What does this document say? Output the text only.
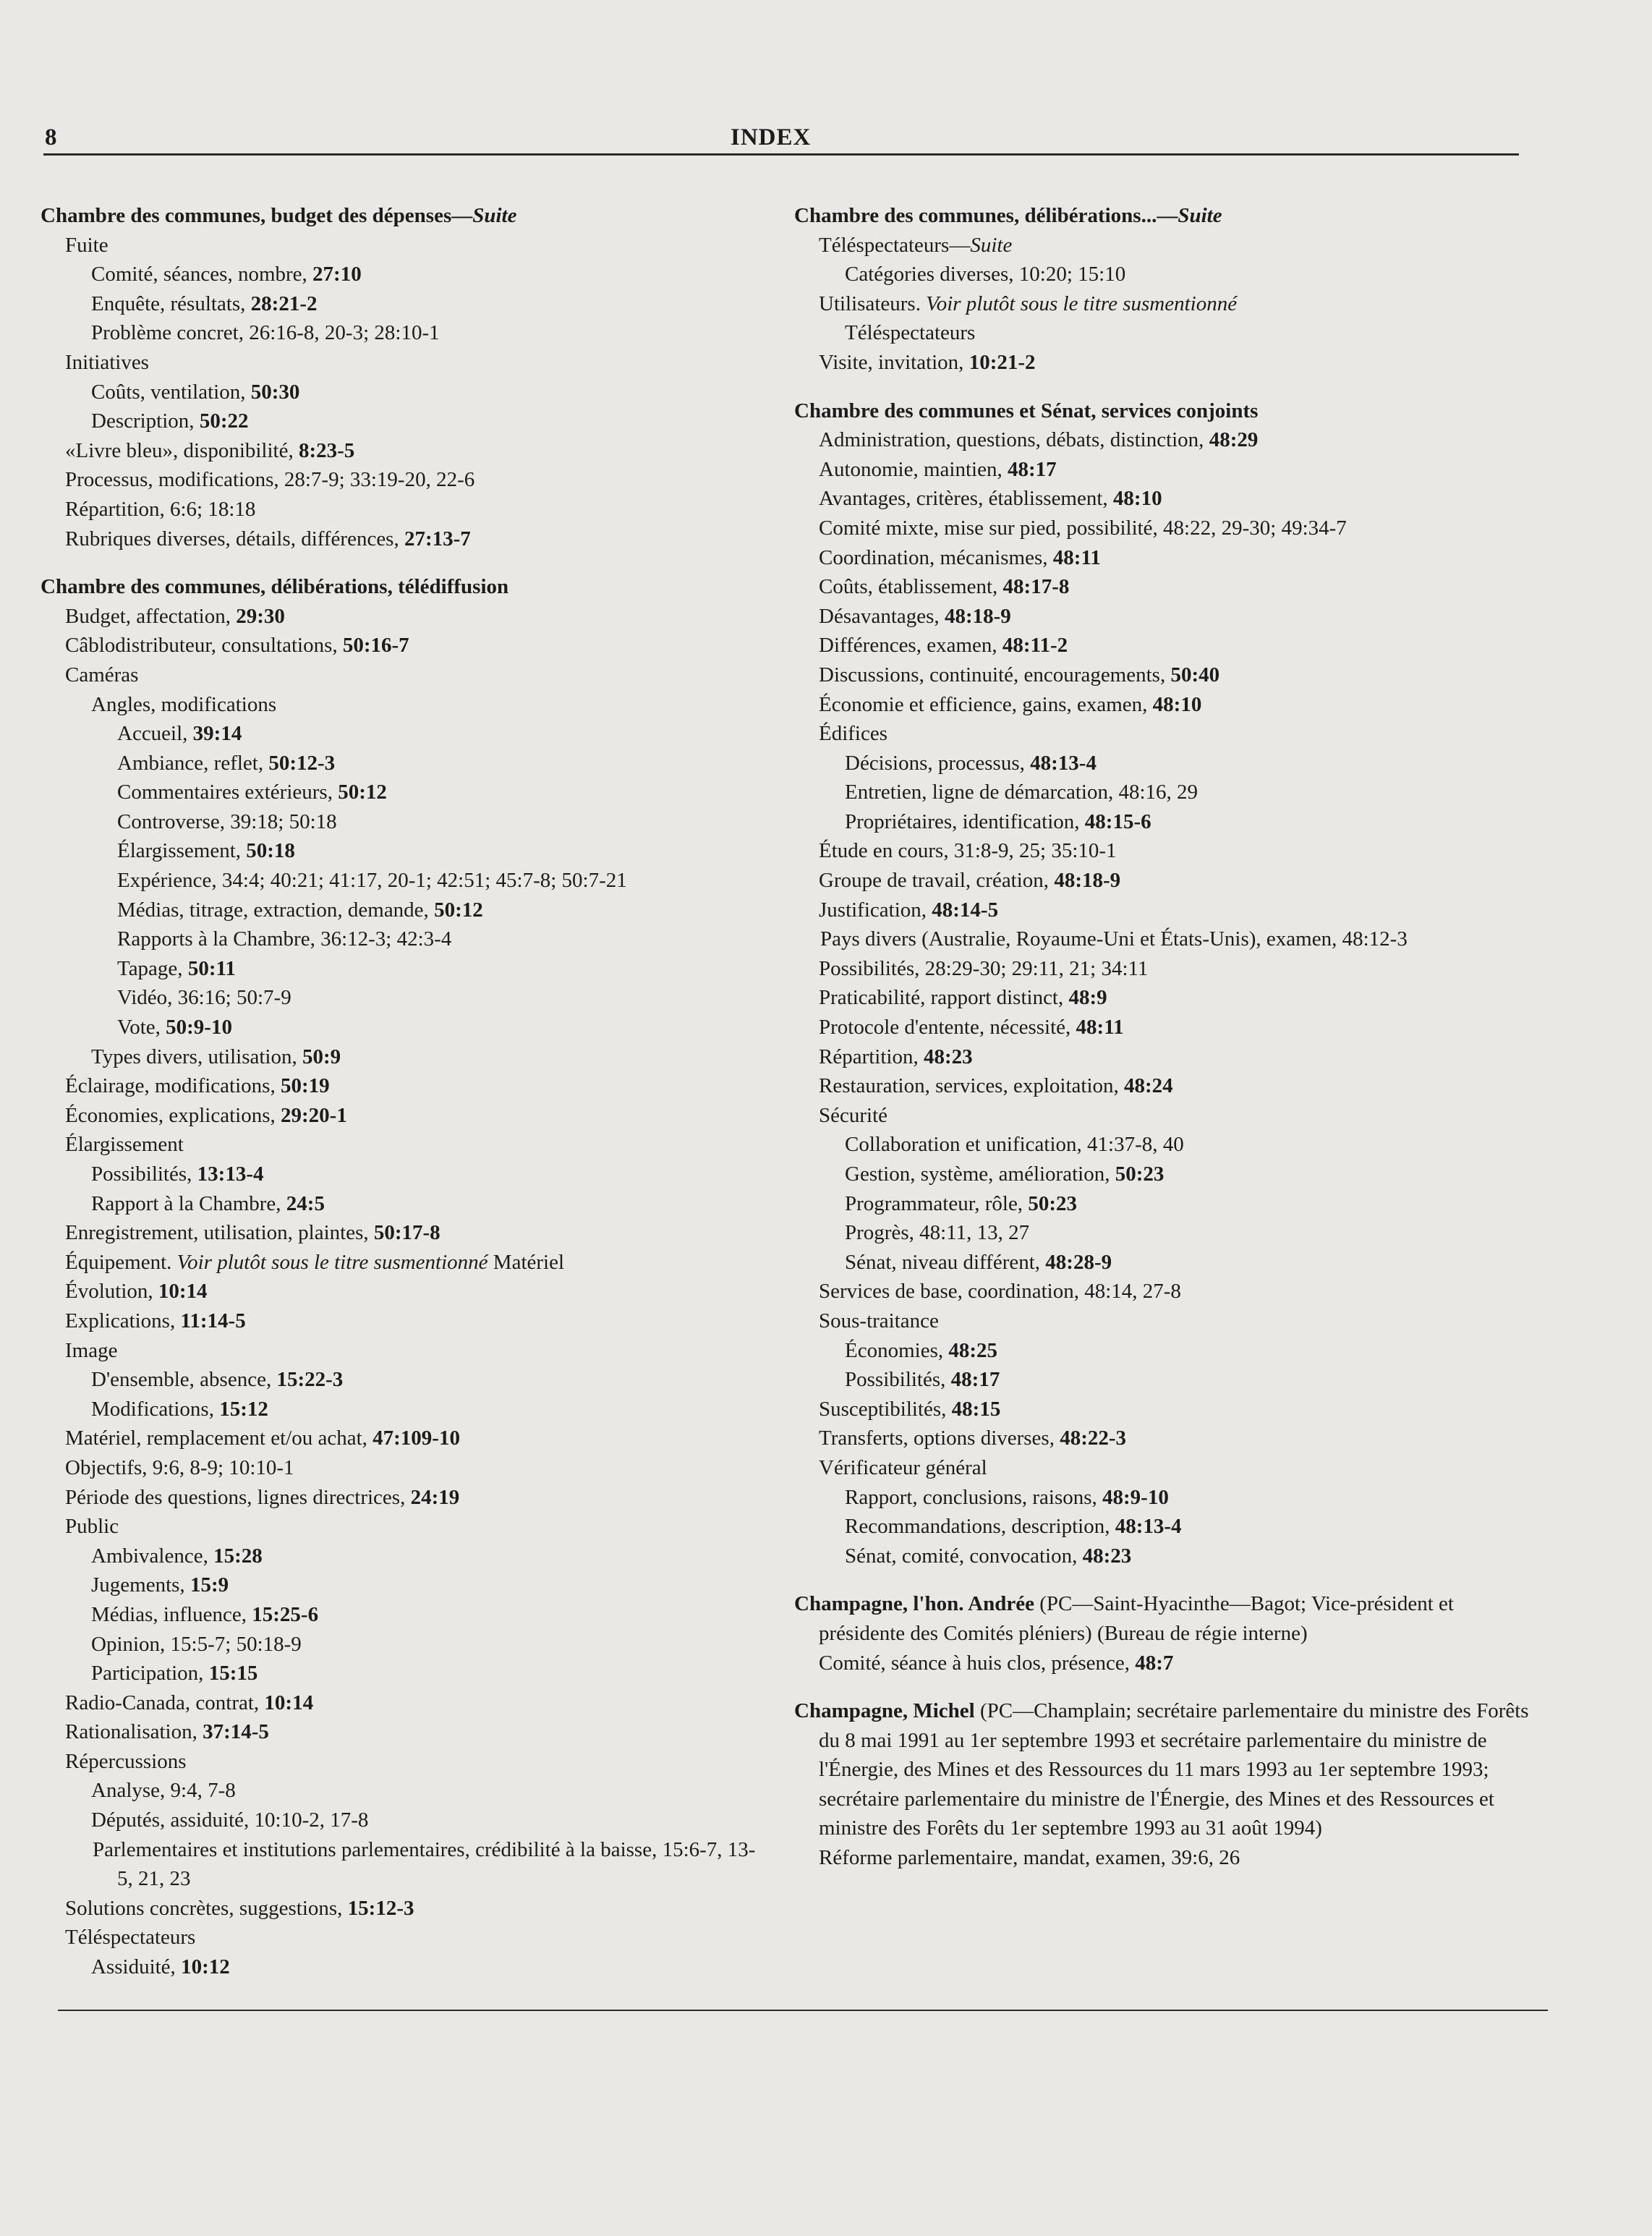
8	INDEX
Chambre des communes, budget des dépenses—Suite
Fuite
Comité, séances, nombre, 27:10
Enquête, résultats, 28:21-2
Problème concret, 26:16-8, 20-3; 28:10-1
Initiatives
Coûts, ventilation, 50:30
Description, 50:22
«Livre bleu», disponibilité, 8:23-5
Processus, modifications, 28:7-9; 33:19-20, 22-6
Répartition, 6:6; 18:18
Rubriques diverses, détails, différences, 27:13-7
Chambre des communes, délibérations, télédiffusion
Budget, affectation, 29:30
Câblodistributeur, consultations, 50:16-7
Caméras
Angles, modifications
Accueil, 39:14
Ambiance, reflet, 50:12-3
Commentaires extérieurs, 50:12
Controverse, 39:18; 50:18
Élargissement, 50:18
Expérience, 34:4; 40:21; 41:17, 20-1; 42:51; 45:7-8; 50:7-21
Médias, titrage, extraction, demande, 50:12
Rapports à la Chambre, 36:12-3; 42:3-4
Tapage, 50:11
Vidéo, 36:16; 50:7-9
Vote, 50:9-10
Types divers, utilisation, 50:9
Éclairage, modifications, 50:19
Économies, explications, 29:20-1
Élargissement
Possibilités, 13:13-4
Rapport à la Chambre, 24:5
Enregistrement, utilisation, plaintes, 50:17-8
Équipement. Voir plutôt sous le titre susmentionné Matériel
Évolution, 10:14
Explications, 11:14-5
Image
D'ensemble, absence, 15:22-3
Modifications, 15:12
Matériel, remplacement et/ou achat, 47:109-10
Objectifs, 9:6, 8-9; 10:10-1
Période des questions, lignes directrices, 24:19
Public
Ambivalence, 15:28
Jugements, 15:9
Médias, influence, 15:25-6
Opinion, 15:5-7; 50:18-9
Participation, 15:15
Radio-Canada, contrat, 10:14
Rationalisation, 37:14-5
Répercussions
Analyse, 9:4, 7-8
Députés, assiduité, 10:10-2, 17-8
Parlementaires et institutions parlementaires, crédibilité à la baisse, 15:6-7, 13-5, 21, 23
Solutions concrètes, suggestions, 15:12-3
Téléspectateurs
Assiduité, 10:12
Chambre des communes, délibérations...—Suite
Téléspectateurs—Suite
Catégories diverses, 10:20; 15:10
Utilisateurs. Voir plutôt sous le titre susmentionné
Téléspectateurs
Visite, invitation, 10:21-2
Chambre des communes et Sénat, services conjoints
Administration, questions, débats, distinction, 48:29
Autonomie, maintien, 48:17
Avantages, critères, établissement, 48:10
Comité mixte, mise sur pied, possibilité, 48:22, 29-30; 49:34-7
Coordination, mécanismes, 48:11
Coûts, établissement, 48:17-8
Désavantages, 48:18-9
Différences, examen, 48:11-2
Discussions, continuité, encouragements, 50:40
Économie et efficience, gains, examen, 48:10
Édifices
Décisions, processus, 48:13-4
Entretien, ligne de démarcation, 48:16, 29
Propriétaires, identification, 48:15-6
Étude en cours, 31:8-9, 25; 35:10-1
Groupe de travail, création, 48:18-9
Justification, 48:14-5
Pays divers (Australie, Royaume-Uni et États-Unis), examen, 48:12-3
Possibilités, 28:29-30; 29:11, 21; 34:11
Praticabilité, rapport distinct, 48:9
Protocole d'entente, nécessité, 48:11
Répartition, 48:23
Restauration, services, exploitation, 48:24
Sécurité
Collaboration et unification, 41:37-8, 40
Gestion, système, amélioration, 50:23
Programmateur, rôle, 50:23
Progrès, 48:11, 13, 27
Sénat, niveau différent, 48:28-9
Services de base, coordination, 48:14, 27-8
Sous-traitance
Économies, 48:25
Possibilités, 48:17
Susceptibilités, 48:15
Transferts, options diverses, 48:22-3
Vérificateur général
Rapport, conclusions, raisons, 48:9-10
Recommandations, description, 48:13-4
Sénat, comité, convocation, 48:23
Champagne, l'hon. Andrée (PC—Saint-Hyacinthe—Bagot; Vice-président et présidente des Comités pléniers) (Bureau de régie interne)
Comité, séance à huis clos, présence, 48:7
Champagne, Michel (PC—Champlain; secrétaire parlementaire du ministre des Forêts du 8 mai 1991 au 1er septembre 1993 et secrétaire parlementaire du ministre de l'Énergie, des Mines et des Ressources du 11 mars 1993 au 1er septembre 1993; secrétaire parlementaire du ministre de l'Énergie, des Mines et des Ressources et ministre des Forêts du 1er septembre 1993 au 31 août 1994)
Réforme parlementaire, mandat, examen, 39:6, 26
